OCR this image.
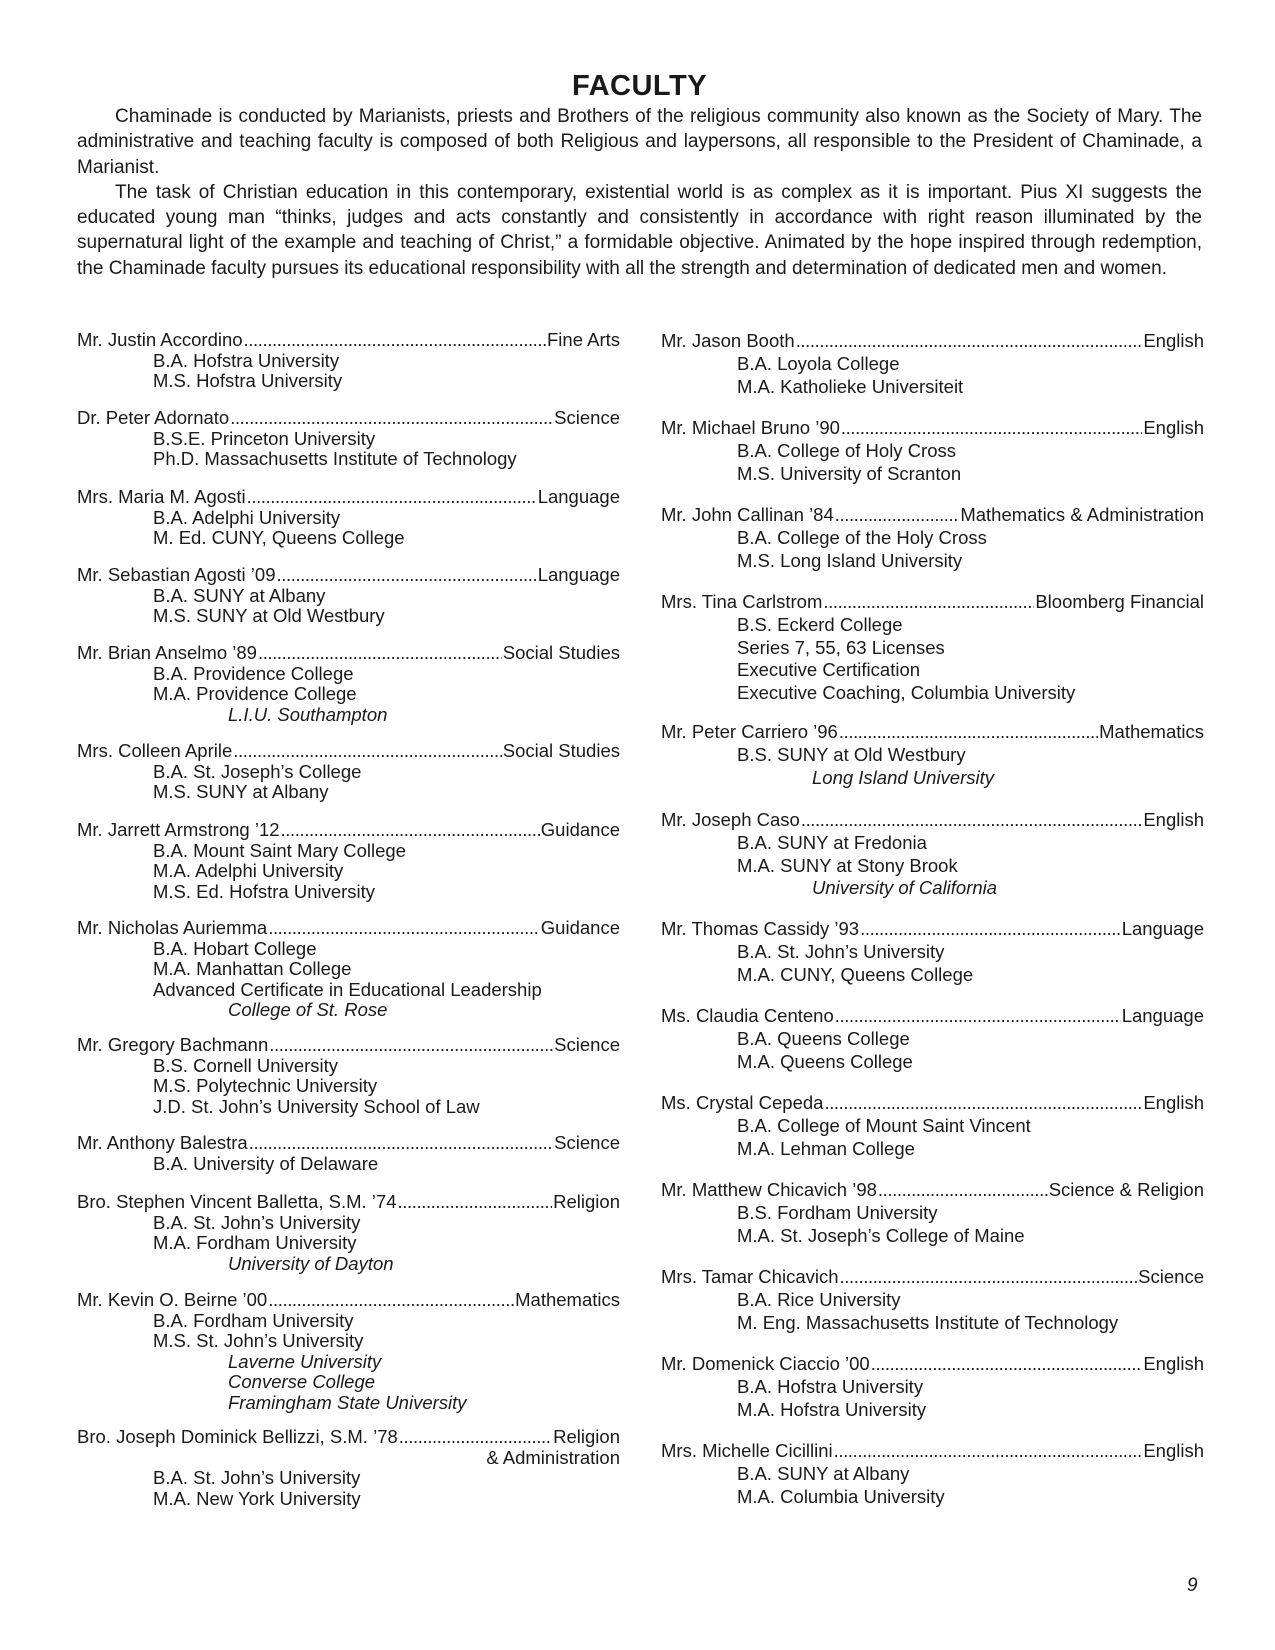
FACULTY

Chaminade is conducted by Marianists, priests and Brothers of the religious community also known as the Society of Mary. The administrative and teaching faculty is composed of both Religious and laypersons, all responsible to the President of Chaminade, a Marianist.

The task of Christian education in this contemporary, existential world is as complex as it is important. Pius XI suggests the educated young man “thinks, judges and acts constantly and consistently in accordance with right reason illuminated by the supernatural light of the example and teaching of Christ,” a formidable objective. Animated by the hope inspired through redemption, the Chaminade faculty pursues its educational responsibility with all the strength and determination of dedicated men and women.

Mr. Justin Accordino .....	Fine Arts
B.A. Hofstra University
M.S. Hofstra University
Dr. Peter Adornato .....	Science
B.S.E. Princeton University
Ph.D. Massachusetts Institute of Technology
Mrs. Maria M. Agosti .....	Language
B.A. Adelphi University
M. Ed. CUNY, Queens College
Mr. Sebastian Agosti ’09 .....	Language
B.A. SUNY at Albany
M.S. SUNY at Old Westbury
Mr. Brian Anselmo ’89 .....	Social Studies
B.A. Providence College
M.A. Providence College
L.I.U. Southampton
Mrs. Colleen Aprile .....	Social Studies
B.A. St. Joseph’s College
M.S. SUNY at Albany
Mr. Jarrett Armstrong ’12 .....	Guidance
B.A. Mount Saint Mary College
M.A. Adelphi University
M.S. Ed. Hofstra University
Mr. Nicholas Auriemma .....	Guidance
B.A. Hobart College
M.A. Manhattan College
Advanced Certificate in Educational Leadership
College of St. Rose
Mr. Gregory Bachmann .....	Science
B.S. Cornell University
M.S. Polytechnic University
J.D. St. John’s University School of Law
Mr. Anthony Balestra .....	Science
B.A. University of Delaware
Bro. Stephen Vincent Balletta, S.M. ’74 .....	Religion
B.A. St. John’s University
M.A. Fordham University
University of Dayton
Mr. Kevin O. Beirne ’00 .....	Mathematics
B.A. Fordham University
M.S. St. John’s University
Laverne University
Converse College
Framingham State University
Bro. Joseph Dominick Bellizzi, S.M. ’78 .....	Religion
& Administration
B.A. St. John’s University
M.A. New York University
Mr. Jason Booth .....	English
B.A. Loyola College
M.A. Katholieke Universiteit
Mr. Michael Bruno ’90 .....	English
B.A. College of Holy Cross
M.S. University of Scranton
Mr. John Callinan ’84 .....	Mathematics & Administration
B.A. College of the Holy Cross
M.S. Long Island University
Mrs. Tina Carlstrom .....	Bloomberg Financial
B.S. Eckerd College
Series 7, 55, 63 Licenses
Executive Certification
Executive Coaching, Columbia University
Mr. Peter Carriero ’96 .....	Mathematics
B.S. SUNY at Old Westbury
Long Island University
Mr. Joseph Caso .....	English
B.A. SUNY at Fredonia
M.A. SUNY at Stony Brook
University of California
Mr. Thomas Cassidy ’93 .....	Language
B.A. St. John’s University
M.A. CUNY, Queens College
Ms. Claudia Centeno .....	Language
B.A. Queens College
M.A. Queens College
Ms. Crystal Cepeda .....	English
B.A. College of Mount Saint Vincent
M.A. Lehman College
Mr. Matthew Chicavich ’98 .....	Science & Religion
B.S. Fordham University
M.A. St. Joseph’s College of Maine
Mrs. Tamar Chicavich .....	Science
B.A. Rice University
M. Eng. Massachusetts Institute of Technology
Mr. Domenick Ciaccio ’00 .....	English
B.A. Hofstra University
M.A. Hofstra University
Mrs. Michelle Cicillini .....	English
B.A. SUNY at Albany
M.A. Columbia University
9
